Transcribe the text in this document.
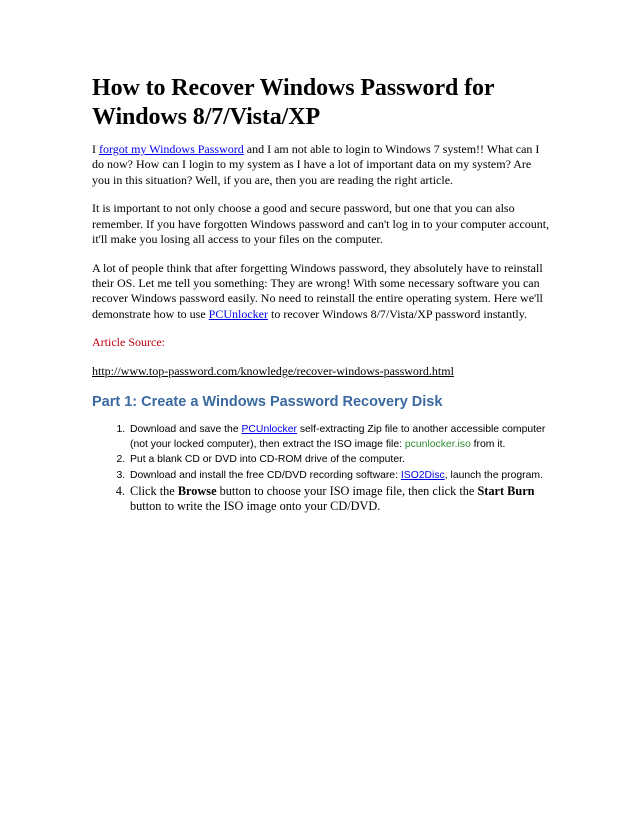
How to Recover Windows Password for Windows 8/7/Vista/XP

I forgot my Windows Password and I am not able to login to Windows 7 system!! What can I do now? How can I login to my system as I have a lot of important data on my system? Are you in this situation? Well, if you are, then you are reading the right article.

It is important to not only choose a good and secure password, but one that you can also remember. If you have forgotten Windows password and can't log in to your computer account, it'll make you losing all access to your files on the computer.

A lot of people think that after forgetting Windows password, they absolutely have to reinstall their OS. Let me tell you something: They are wrong! With some necessary software you can recover Windows password easily. No need to reinstall the entire operating system. Here we'll demonstrate how to use PCUnlocker to recover Windows 8/7/Vista/XP password instantly.

Article Source:

http://www.top-password.com/knowledge/recover-windows-password.html

Part 1: Create a Windows Password Recovery Disk
1. Download and save the PCUnlocker self-extracting Zip file to another accessible computer (not your locked computer), then extract the ISO image file: pcunlocker.iso from it.
2. Put a blank CD or DVD into CD-ROM drive of the computer.
3. Download and install the free CD/DVD recording software: ISO2Disc, launch the program.
4. Click the Browse button to choose your ISO image file, then click the Start Burn button to write the ISO image onto your CD/DVD.
